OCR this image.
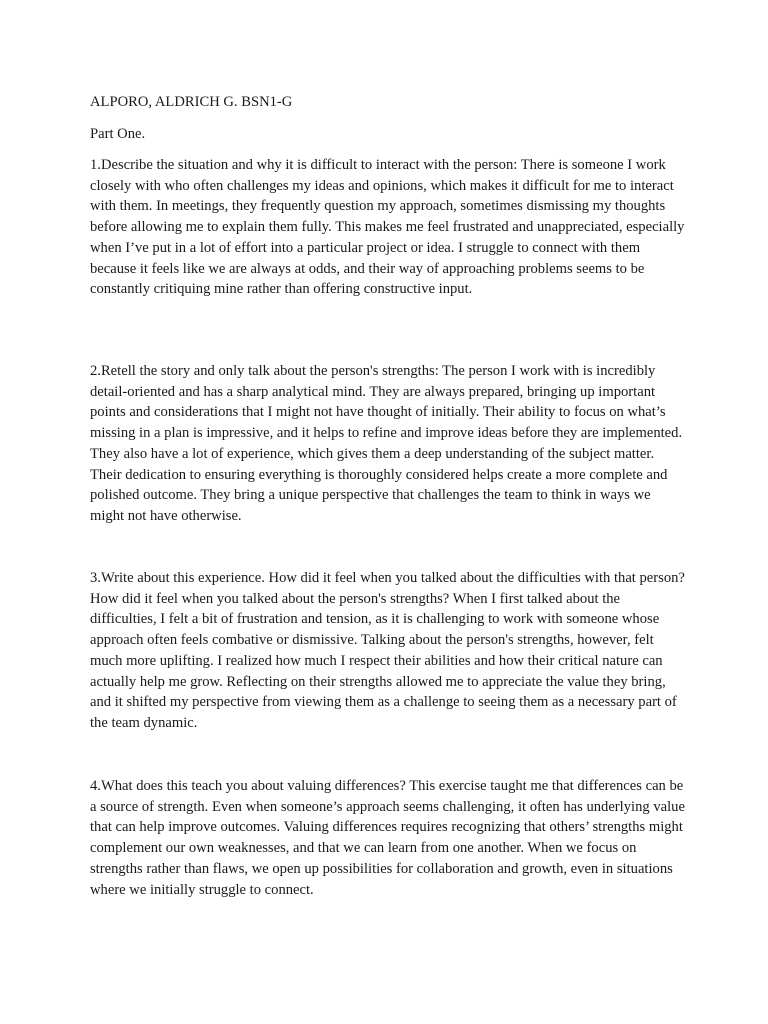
ALPORO, ALDRICH G. BSN1-G

Part One.

1.Describe the situation and why it is difficult to interact with the person: There is someone I work closely with who often challenges my ideas and opinions, which makes it difficult for me to interact with them. In meetings, they frequently question my approach, sometimes dismissing my thoughts before allowing me to explain them fully. This makes me feel frustrated and unappreciated, especially when I’ve put in a lot of effort into a particular project or idea. I struggle to connect with them because it feels like we are always at odds, and their way of approaching problems seems to be constantly critiquing mine rather than offering constructive input.

2.Retell the story and only talk about the person's strengths: The person I work with is incredibly detail-oriented and has a sharp analytical mind. They are always prepared, bringing up important points and considerations that I might not have thought of initially. Their ability to focus on what’s missing in a plan is impressive, and it helps to refine and improve ideas before they are implemented. They also have a lot of experience, which gives them a deep understanding of the subject matter. Their dedication to ensuring everything is thoroughly considered helps create a more complete and polished outcome. They bring a unique perspective that challenges the team to think in ways we might not have otherwise.

3.Write about this experience. How did it feel when you talked about the difficulties with that person? How did it feel when you talked about the person's strengths? When I first talked about the difficulties, I felt a bit of frustration and tension, as it is challenging to work with someone whose approach often feels combative or dismissive. Talking about the person's strengths, however, felt much more uplifting. I realized how much I respect their abilities and how their critical nature can actually help me grow. Reflecting on their strengths allowed me to appreciate the value they bring, and it shifted my perspective from viewing them as a challenge to seeing them as a necessary part of the team dynamic.

4.What does this teach you about valuing differences? This exercise taught me that differences can be a source of strength. Even when someone’s approach seems challenging, it often has underlying value that can help improve outcomes. Valuing differences requires recognizing that others’ strengths might complement our own weaknesses, and that we can learn from one another. When we focus on strengths rather than flaws, we open up possibilities for collaboration and growth, even in situations where we initially struggle to connect.
